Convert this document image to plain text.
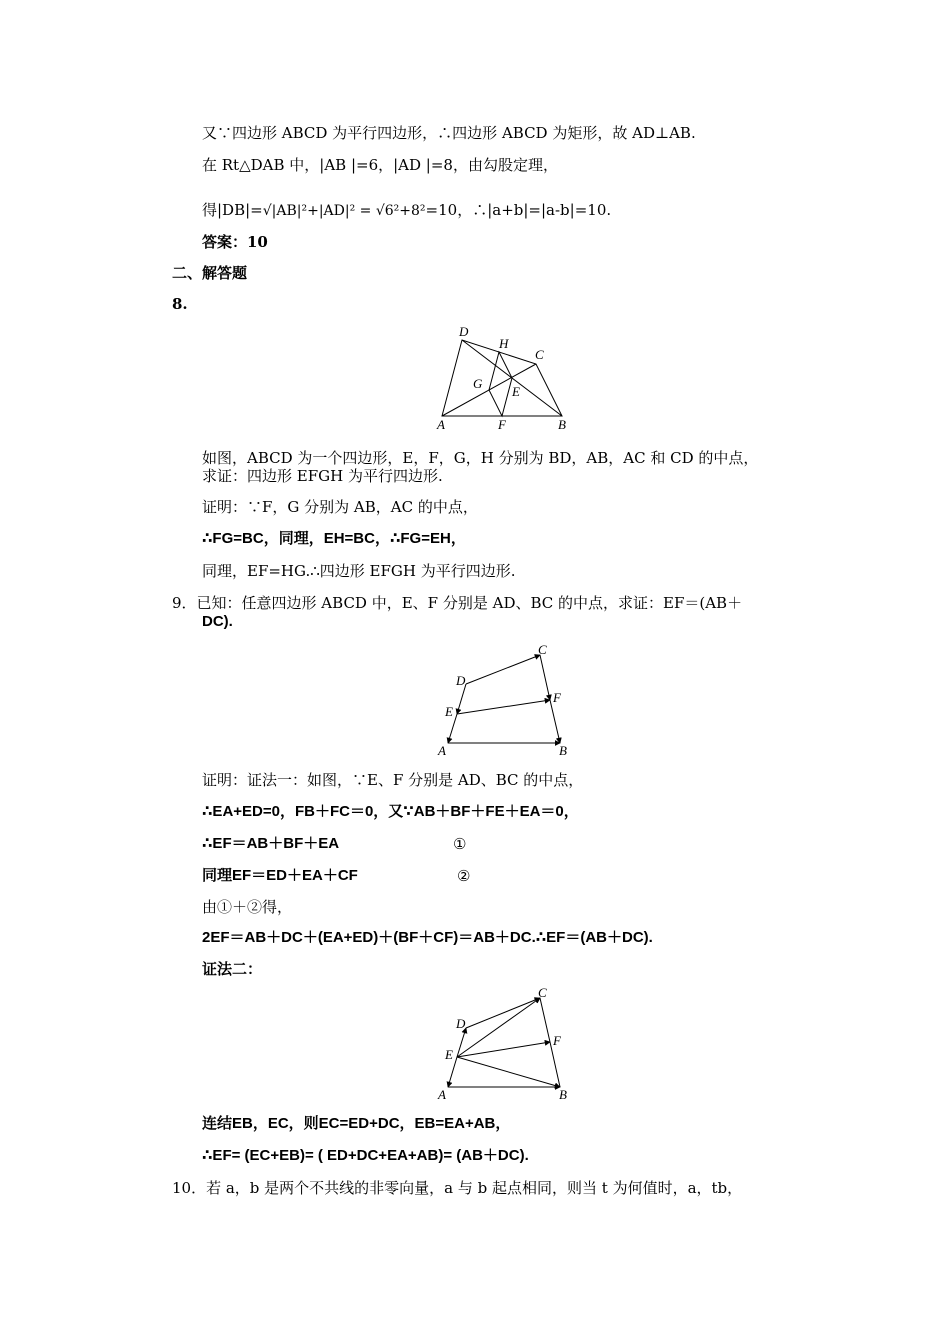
又∵四边形 ABCD 为平行四边形，∴四边形 ABCD 为矩形，故 AD⊥AB.
在 Rt△DAB 中，|AB |=6，|AD |=8，由勾股定理，
得|DB|=√|AB|²+|AD|² = √6²+8²=10，∴|a+b|=|a-b|=10.
答案：10
二、解答题
8.
D
H
C
G
E
A	F	B
如图，ABCD 为一个四边形，E，F，G，H 分别为 BD，AB，AC 和 CD 的中点，
求证：四边形 EFGH 为平行四边形.
证明：∵F，G 分别为 AB，AC 的中点，
∴FG=BC，同理，EH=BC，∴FG=EH，
同理，EF=HG.∴四边形 EFGH 为平行四边形.
9．已知：任意四边形 ABCD 中，E、F 分别是 AD、BC 的中点，求证：EF＝(AB＋
DC).
C
D
F
E
A	B
证明：证法一：如图，∵E、F 分别是 AD、BC 的中点，
∴EA+ED=0，FB＋FC＝0，又∵AB＋BF＋FE＋EA＝0，
∴EF＝AB＋BF＋EA	①
同理EF＝ED＋EA＋CF	②
由①＋②得，
2EF＝AB＋DC＋(EA+ED)＋(BF＋CF)＝AB＋DC.∴EF＝(AB＋DC).
证法二：
C
D
F
E
A	B
连结EB，EC，则EC=ED+DC，EB=EA+AB，
∴EF= (EC+EB)= ( ED+DC+EA+AB)= (AB＋DC).
10．若 a，b 是两个不共线的非零向量，a 与 b 起点相同，则当 t 为何值时，a，tb，
